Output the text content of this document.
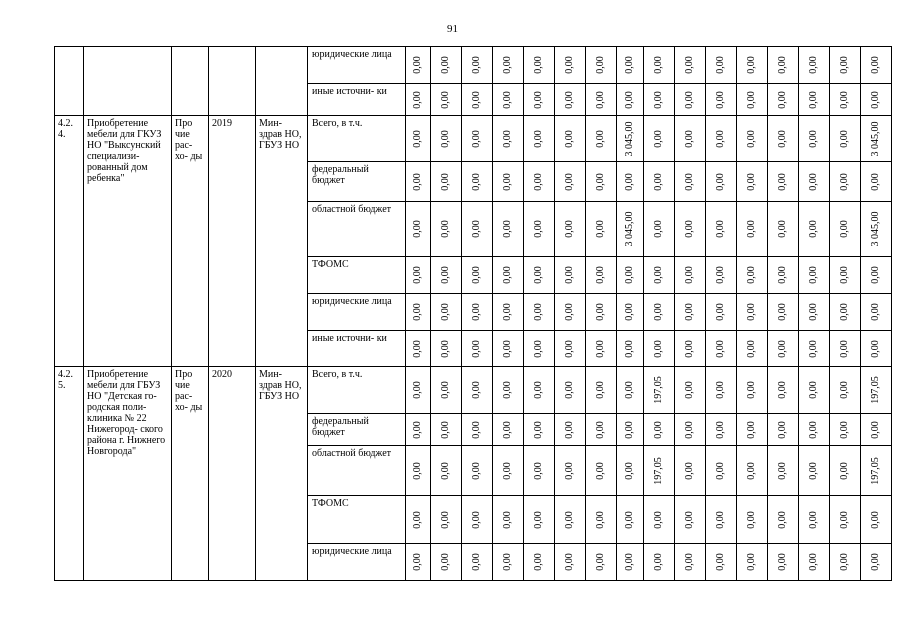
91
					юридические лица	0,00	0,00	0,00	0,00	0,00	0,00	0,00	0,00	0,00	0,00	0,00	0,00	0,00	0,00	0,00	0,00

					иные источни- ки	0,00	0,00	0,00	0,00	0,00	0,00	0,00	0,00	0,00	0,00	0,00	0,00	0,00	0,00	0,00	0,00

4.2. 4.	Приобретение мебели для ГКУЗ НО "Выксунский специализи- рованный дом ребенка"	Про чие рас- хо- ды	2019	Мин- здрав НО, ГБУЗ НО	Всего, в т.ч.	0,00	0,00	0,00	0,00	0,00	0,00	0,00	3 045,00	0,00	0,00	0,00	0,00	0,00	0,00	0,00	3 045,00

					федеральный бюджет	0,00	0,00	0,00	0,00	0,00	0,00	0,00	0,00	0,00	0,00	0,00	0,00	0,00	0,00	0,00	0,00

					областной бюджет	0,00	0,00	0,00	0,00	0,00	0,00	0,00	3 045,00	0,00	0,00	0,00	0,00	0,00	0,00	0,00	3 045,00

					ТФОМС	0,00	0,00	0,00	0,00	0,00	0,00	0,00	0,00	0,00	0,00	0,00	0,00	0,00	0,00	0,00	0,00

					юридические лица	0,00	0,00	0,00	0,00	0,00	0,00	0,00	0,00	0,00	0,00	0,00	0,00	0,00	0,00	0,00	0,00

					иные источни- ки	0,00	0,00	0,00	0,00	0,00	0,00	0,00	0,00	0,00	0,00	0,00	0,00	0,00	0,00	0,00	0,00

4.2. 5.	Приобретение мебели для ГБУЗ НО "Детская го- родская поли- клиника № 22 Нижегород- ского района г. Нижнего Новгорода"	Про чие рас- хо- ды	2020	Мин- здрав НО, ГБУЗ НО	Всего, в т.ч.	0,00	0,00	0,00	0,00	0,00	0,00	0,00	0,00	197,05	0,00	0,00	0,00	0,00	0,00	0,00	197,05

					федеральный бюджет	0,00	0,00	0,00	0,00	0,00	0,00	0,00	0,00	0,00	0,00	0,00	0,00	0,00	0,00	0,00	0,00

					областной бюджет	0,00	0,00	0,00	0,00	0,00	0,00	0,00	0,00	197,05	0,00	0,00	0,00	0,00	0,00	0,00	197,05

					ТФОМС	0,00	0,00	0,00	0,00	0,00	0,00	0,00	0,00	0,00	0,00	0,00	0,00	0,00	0,00	0,00	0,00

					юридические лица	0,00	0,00	0,00	0,00	0,00	0,00	0,00	0,00	0,00	0,00	0,00	0,00	0,00	0,00	0,00	0,00
